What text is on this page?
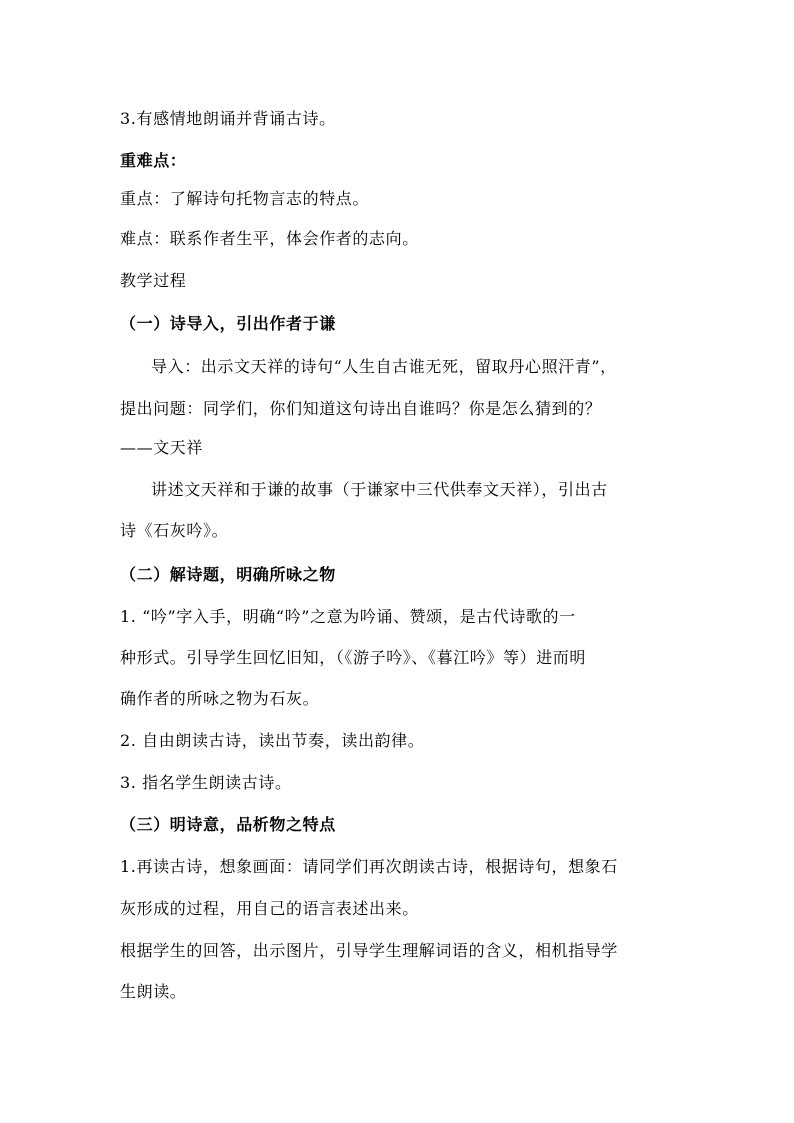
3.有感情地朗诵并背诵古诗。
重难点：
重点：了解诗句托物言志的特点。
难点：联系作者生平，体会作者的志向。
教学过程
（一）诗导入，引出作者于谦
导入：出示文天祥的诗句“人生自古谁无死，留取丹心照汗青”，
提出问题：同学们，你们知道这句诗出自谁吗？你是怎么猜到的？
——文天祥
讲述文天祥和于谦的故事（于谦家中三代供奉文天祥），引出古
诗《石灰吟》。
（二）解诗题，明确所咏之物
1. “吟”字入手，明确“吟”之意为吟诵、赞颂，是古代诗歌的一
种形式。引导学生回忆旧知，（《游子吟》、《暮江吟》等）进而明
确作者的所咏之物为石灰。
2. 自由朗读古诗，读出节奏，读出韵律。
3. 指名学生朗读古诗。
（三）明诗意，品析物之特点
1.再读古诗，想象画面：请同学们再次朗读古诗，根据诗句，想象石
灰形成的过程，用自己的语言表述出来。
根据学生的回答，出示图片，引导学生理解词语的含义，相机指导学
生朗读。
